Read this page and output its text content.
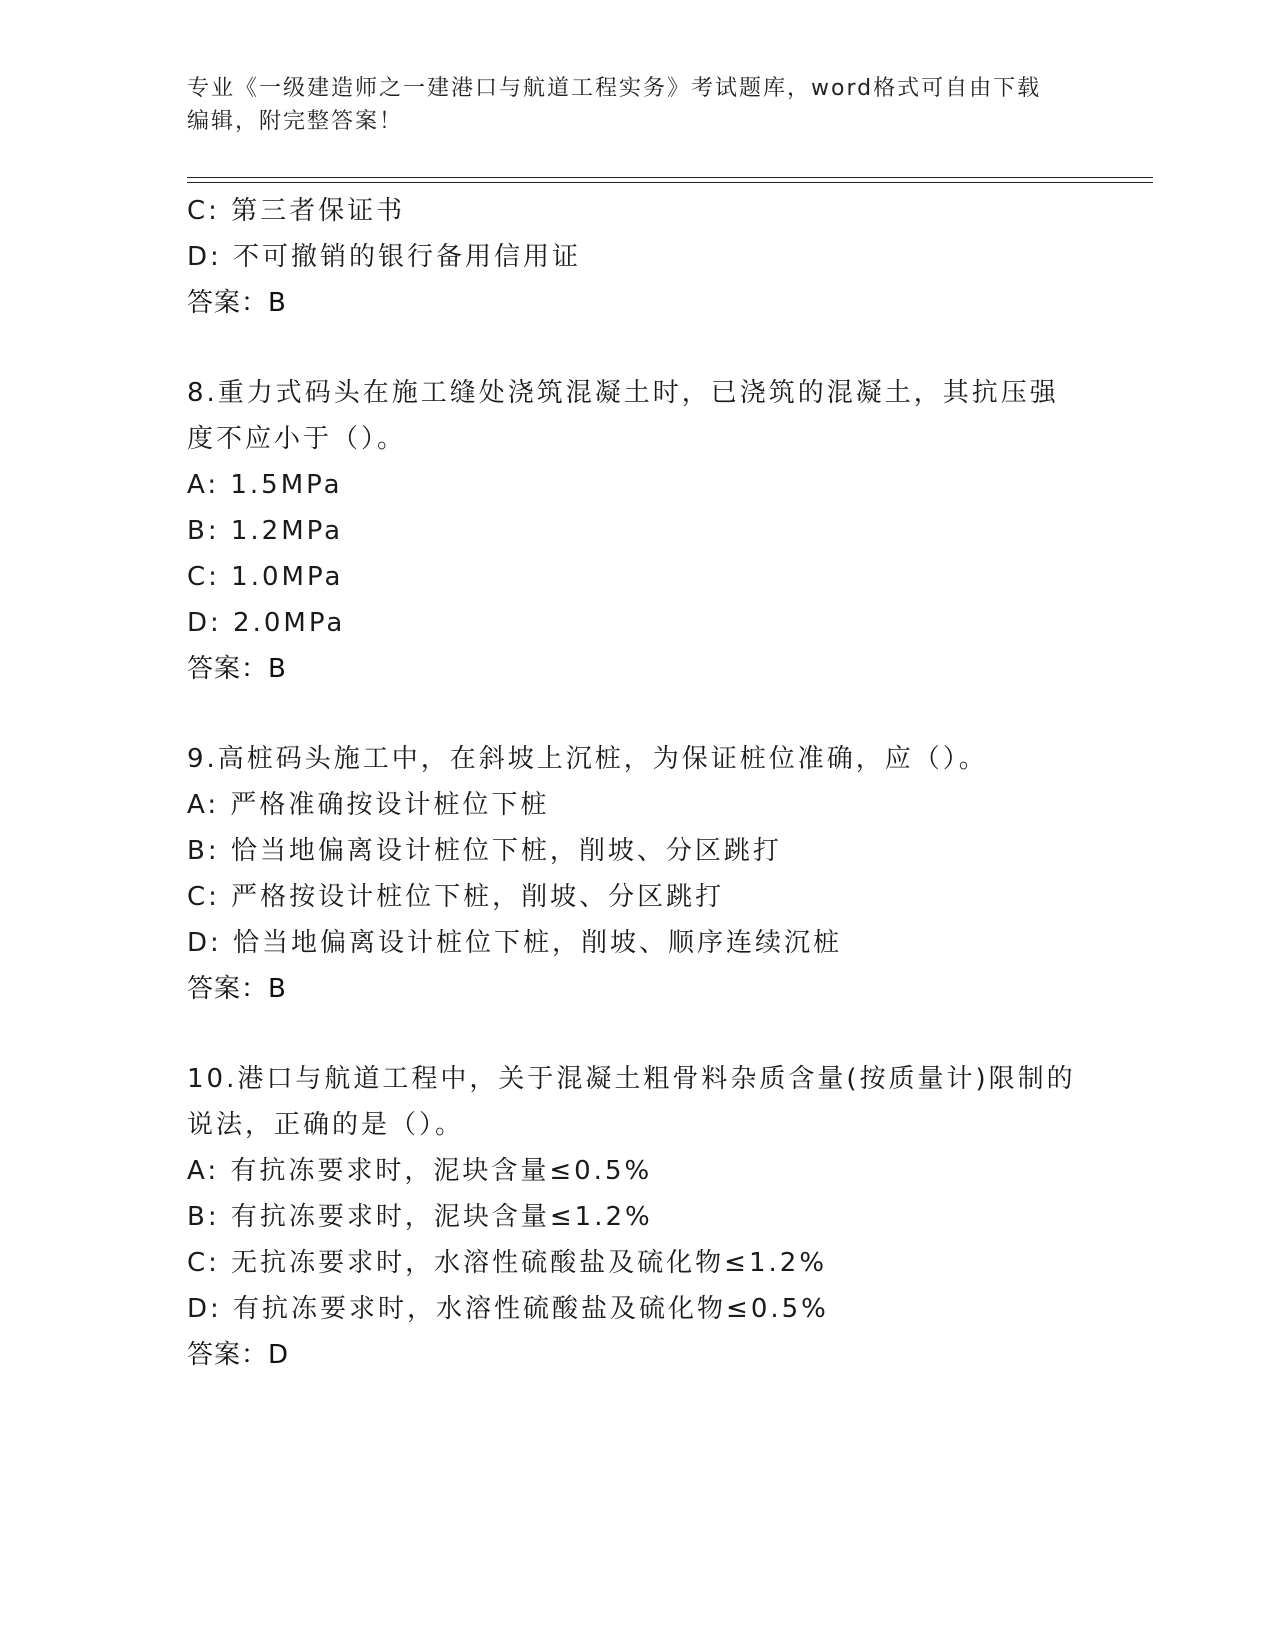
专业《一级建造师之一建港口与航道工程实务》考试题库，word格式可自由下载
编辑，附完整答案！
C: 第三者保证书
D: 不可撤销的银行备用信用证
答案：B
8.重力式码头在施工缝处浇筑混凝土时，已浇筑的混凝土，其抗压强
度不应小于（）。
A: 1.5MPa
B: 1.2MPa
C: 1.0MPa
D: 2.0MPa
答案：B
9.高桩码头施工中，在斜坡上沉桩，为保证桩位准确，应（）。
A: 严格准确按设计桩位下桩
B: 恰当地偏离设计桩位下桩，削坡、分区跳打
C: 严格按设计桩位下桩，削坡、分区跳打
D: 恰当地偏离设计桩位下桩，削坡、顺序连续沉桩
答案：B
10.港口与航道工程中，关于混凝土粗骨料杂质含量(按质量计)限制的
说法，正确的是（）。
A: 有抗冻要求时，泥块含量≤0.5%
B: 有抗冻要求时，泥块含量≤1.2%
C: 无抗冻要求时，水溶性硫酸盐及硫化物≤1.2%
D: 有抗冻要求时，水溶性硫酸盐及硫化物≤0.5%
答案：D
